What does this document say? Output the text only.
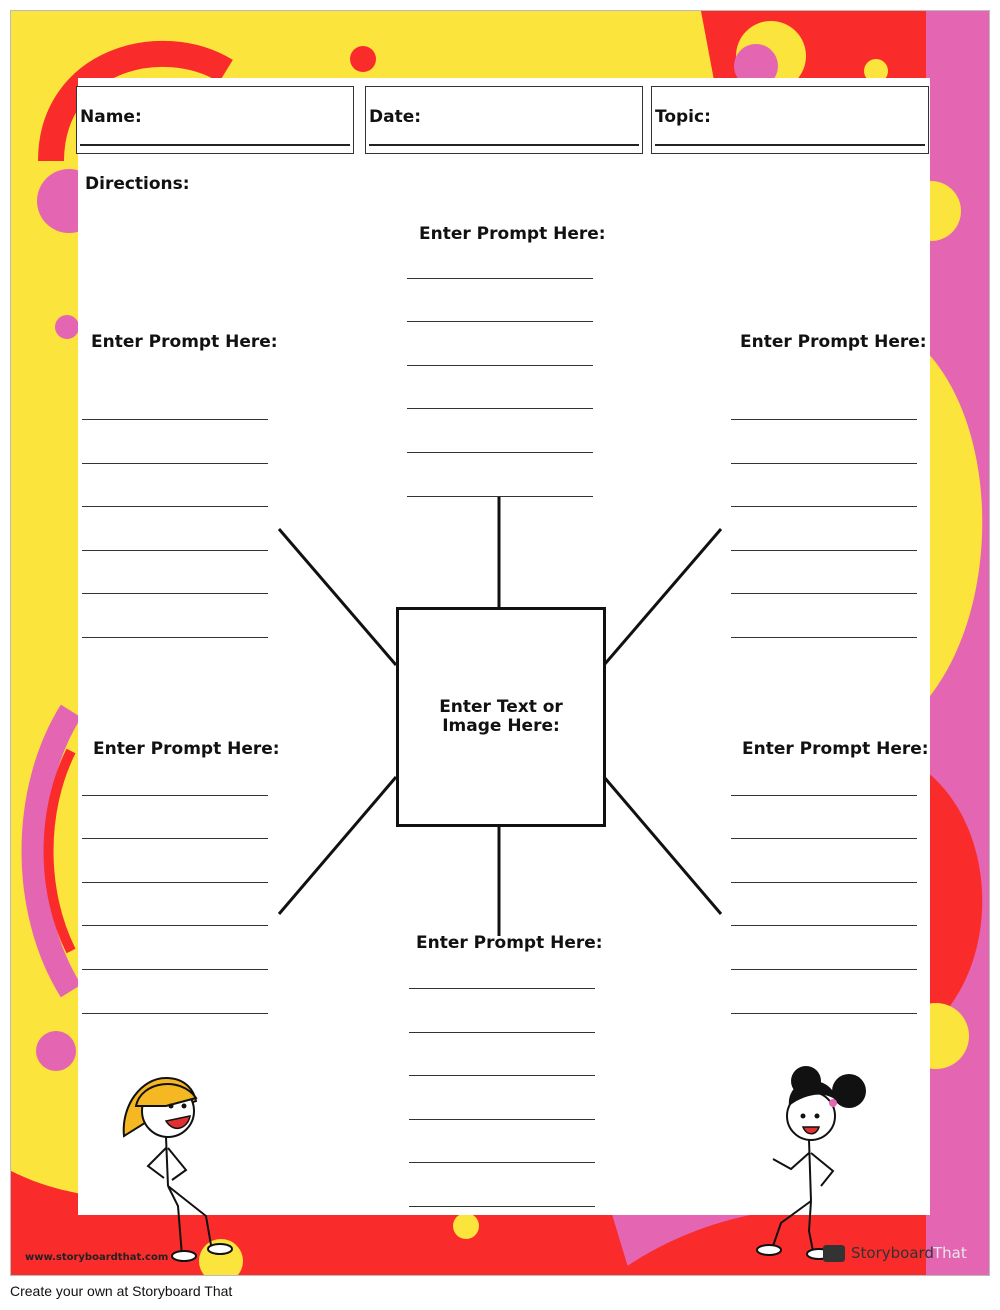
Name:	Date:	Topic:
Directions:
Enter Prompt Here:
Enter Prompt Here:	Enter Prompt Here:
Enter Prompt Here:	Enter Prompt Here:
Enter Prompt Here:
Enter Text or Image Here:
www.storyboardthat.com	Storyboard That
Create your own at Storyboard That
